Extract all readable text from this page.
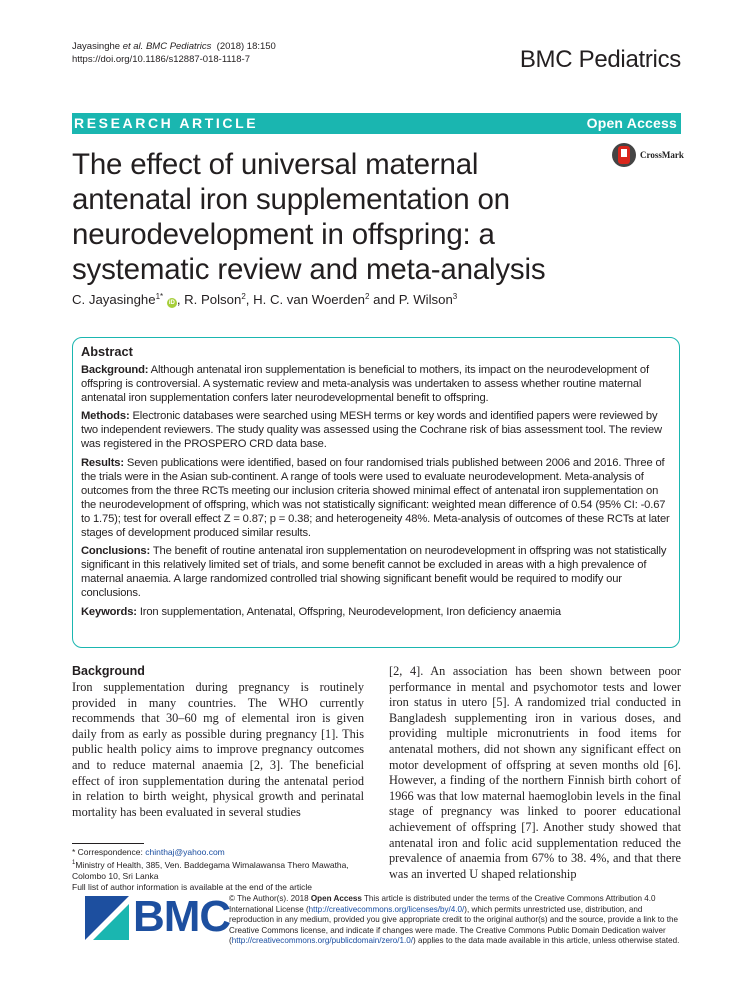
Jayasinghe et al. BMC Pediatrics  (2018) 18:150
https://doi.org/10.1186/s12887-018-1118-7	BMC Pediatrics
RESEARCH ARTICLE	Open Access
CrossMark
The effect of universal maternal antenatal iron supplementation on neurodevelopment in offspring: a systematic review and meta-analysis
C. Jayasinghe$^{1*}$ iD , R. Polson$^2$, H. C. van Woerden$^2$ and P. Wilson$^3$
Abstract

Background: Although antenatal iron supplementation is beneficial to mothers, its impact on the neurodevelopment of offspring is controversial. A systematic review and meta-analysis was undertaken to assess whether routine maternal antenatal iron supplementation confers later neurodevelopmental benefit to offspring.

Methods: Electronic databases were searched using MESH terms or key words and identified papers were reviewed by two independent reviewers. The study quality was assessed using the Cochrane risk of bias assessment tool. The review was registered in the PROSPERO CRD data base.

Results: Seven publications were identified, based on four randomised trials published between 2006 and 2016. Three of the trials were in the Asian sub-continent. A range of tools were used to evaluate neurodevelopment. Meta-analysis of outcomes from the three RCTs meeting our inclusion criteria showed minimal effect of antenatal iron supplementation on the neurodevelopment of offspring, which was not statistically significant: weighted mean difference of 0.54 (95% CI: -0.67 to 1.75); test for overall effect Z = 0.87; p = 0.38; and heterogeneity 48%. Meta-analysis of outcomes of these RCTs at later stages of development produced similar results.

Conclusions: The benefit of routine antenatal iron supplementation on neurodevelopment in offspring was not statistically significant in this relatively limited set of trials, and some benefit cannot be excluded in areas with a high prevalence of maternal anaemia. A large randomized controlled trial showing significant benefit would be required to modify our conclusions.

Keywords: Iron supplementation, Antenatal, Offspring, Neurodevelopment, Iron deficiency anaemia

Background
Iron supplementation during pregnancy is routinely provided in many countries. The WHO currently recommends that 30–60 mg of elemental iron is given daily from as early as possible during pregnancy [1]. This public health policy aims to improve pregnancy outcomes and to reduce maternal anaemia [2, 3]. The beneficial effect of iron supplementation during the antenatal period in relation to birth weight, physical growth and perinatal mortality has been evaluated in several studies
[2, 4]. An association has been shown between poor performance in mental and psychomotor tests and lower iron status in utero [5]. A randomized trial conducted in Bangladesh supplementing iron in various doses, and providing multiple micronutrients in food items for antenatal mothers, did not shown any significant effect on motor development of offspring at seven months old [6]. However, a finding of the northern Finnish birth cohort of 1966 was that low maternal haemoglobin levels in the final stage of pregnancy was linked to poorer educational achievement of offspring [7]. Another study showed that antenatal iron and folic acid supplementation reduced the prevalence of anaemia from 67% to 38. 4%, and that there was an inverted U shaped relationship
* Correspondence: chinthaj@yahoo.com
$^1$Ministry of Health, 385, Ven. Baddegama Wimalawansa Thero Mawatha, Colombo 10, Sri Lanka
Full list of author information is available at the end of the article
BMC
© The Author(s). 2018 Open Access This article is distributed under the terms of the Creative Commons Attribution 4.0 International License (http://creativecommons.org/licenses/by/4.0/), which permits unrestricted use, distribution, and reproduction in any medium, provided you give appropriate credit to the original author(s) and the source, provide a link to the Creative Commons license, and indicate if changes were made. The Creative Commons Public Domain Dedication waiver (http://creativecommons.org/publicdomain/zero/1.0/) applies to the data made available in this article, unless otherwise stated.
